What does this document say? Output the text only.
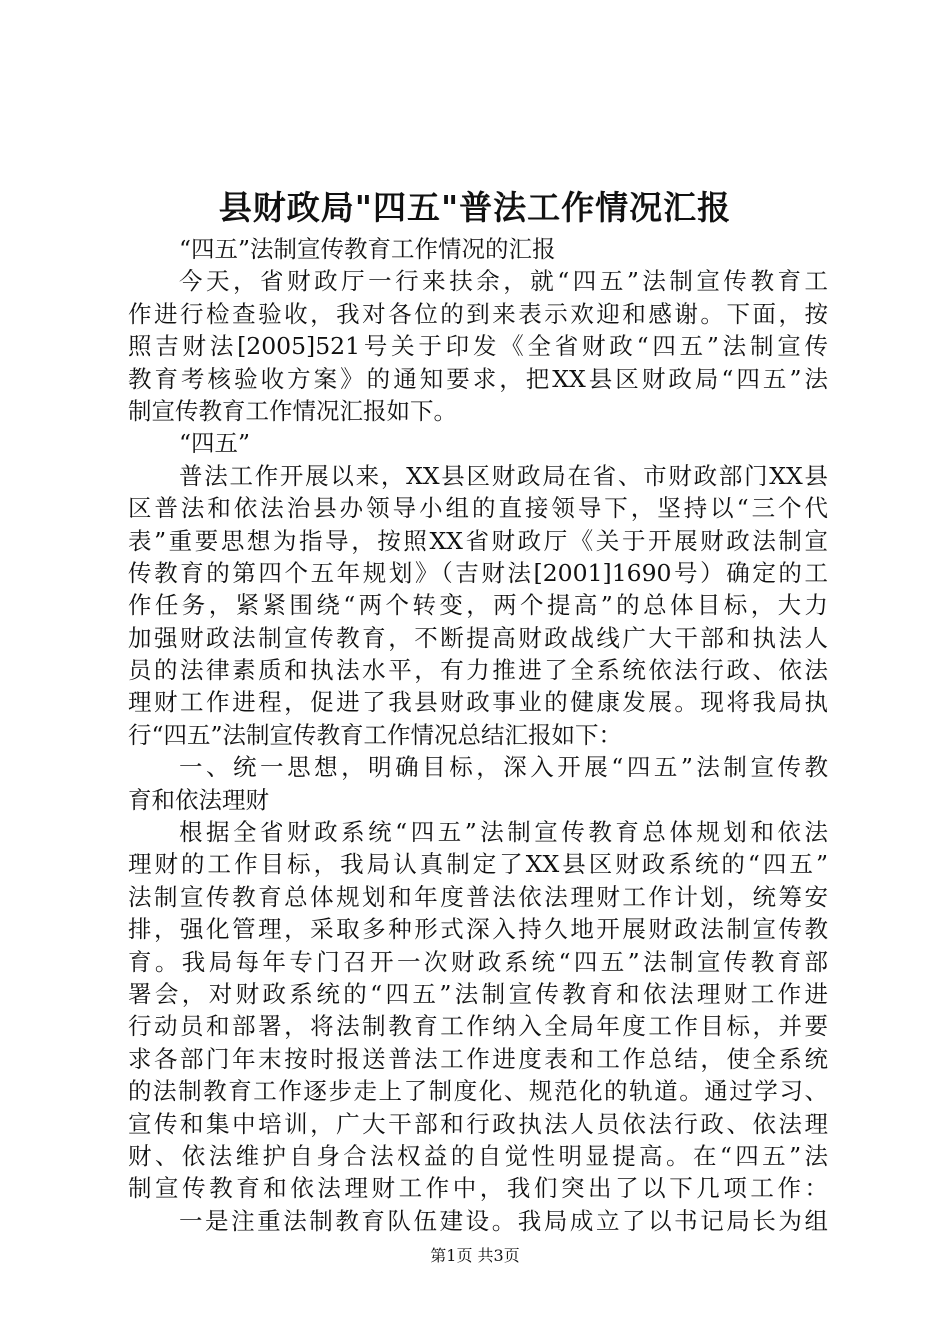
县财政局"四五"普法工作情况汇报
“四五”法制宣传教育工作情况的汇报
今天，省财政厅一行来扶余，就“四五”法制宣传教育工
作进行检查验收，我对各位的到来表示欢迎和感谢。下面，按
照吉财法[2005]521号关于印发《全省财政“四五”法制宣传
教育考核验收方案》的通知要求，把XX县区财政局“四五”法
制宣传教育工作情况汇报如下。
“四五”
普法工作开展以来，XX县区财政局在省、市财政部门XX县
区普法和依法治县办领导小组的直接领导下，坚持以“三个代
表”重要思想为指导，按照XX省财政厅《关于开展财政法制宣
传教育的第四个五年规划》（吉财法[2001]1690号）确定的工
作任务，紧紧围绕“两个转变，两个提高”的总体目标，大力
加强财政法制宣传教育，不断提高财政战线广大干部和执法人
员的法律素质和执法水平，有力推进了全系统依法行政、依法
理财工作进程，促进了我县财政事业的健康发展。现将我局执
行“四五”法制宣传教育工作情况总结汇报如下：
一、统一思想，明确目标，深入开展“四五”法制宣传教
育和依法理财
根据全省财政系统“四五”法制宣传教育总体规划和依法
理财的工作目标，我局认真制定了XX县区财政系统的“四五”
法制宣传教育总体规划和年度普法依法理财工作计划，统筹安
排，强化管理，采取多种形式深入持久地开展财政法制宣传教
育。我局每年专门召开一次财政系统“四五”法制宣传教育部
署会，对财政系统的“四五”法制宣传教育和依法理财工作进
行动员和部署，将法制教育工作纳入全局年度工作目标，并要
求各部门年末按时报送普法工作进度表和工作总结，使全系统
的法制教育工作逐步走上了制度化、规范化的轨道。通过学习、
宣传和集中培训，广大干部和行政执法人员依法行政、依法理
财、依法维护自身合法权益的自觉性明显提高。在“四五”法
制宣传教育和依法理财工作中，我们突出了以下几项工作：
一是注重法制教育队伍建设。我局成立了以书记局长为组
第1页 共3页
